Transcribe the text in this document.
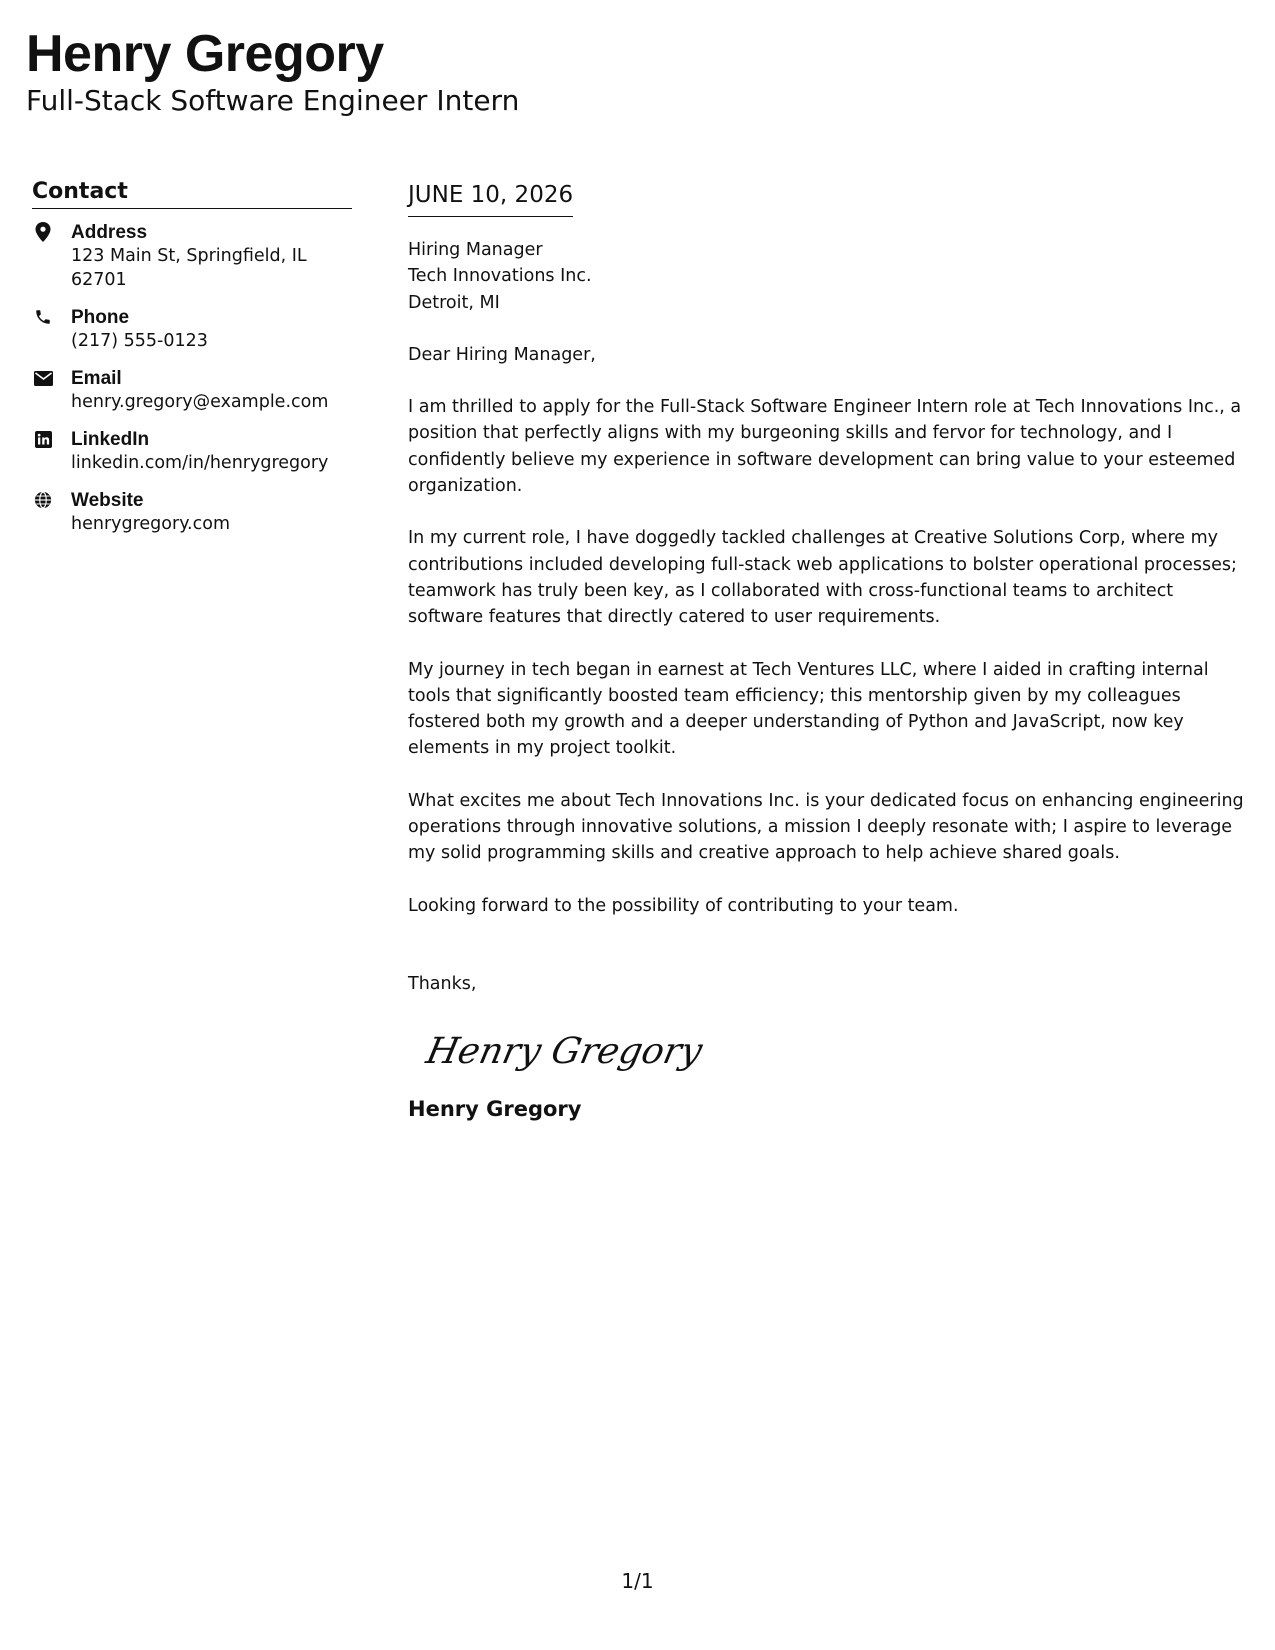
Henry Gregory
Full-Stack Software Engineer Intern
Contact
Address
123 Main St, Springfield, IL 62701
Phone
(217) 555-0123
Email
henry.gregory@example.com
LinkedIn
linkedin.com/in/henrygregory
Website
henrygregory.com
JUNE 10, 2026
Hiring Manager
Tech Innovations Inc.
Detroit, MI

Dear Hiring Manager,

I am thrilled to apply for the Full-Stack Software Engineer Intern role at Tech Innovations Inc., a position that perfectly aligns with my burgeoning skills and fervor for technology, and I confidently believe my experience in software development can bring value to your esteemed organization.

In my current role, I have doggedly tackled challenges at Creative Solutions Corp, where my contributions included developing full-stack web applications to bolster operational processes; teamwork has truly been key, as I collaborated with cross-functional teams to architect software features that directly catered to user requirements.

My journey in tech began in earnest at Tech Ventures LLC, where I aided in crafting internal tools that significantly boosted team efficiency; this mentorship given by my colleagues fostered both my growth and a deeper understanding of Python and JavaScript, now key elements in my project toolkit.

What excites me about Tech Innovations Inc. is your dedicated focus on enhancing engineering operations through innovative solutions, a mission I deeply resonate with; I aspire to leverage my solid programming skills and creative approach to help achieve shared goals.

Looking forward to the possibility of contributing to your team.

Thanks,

Henry Gregory
Henry Gregory
1/1
